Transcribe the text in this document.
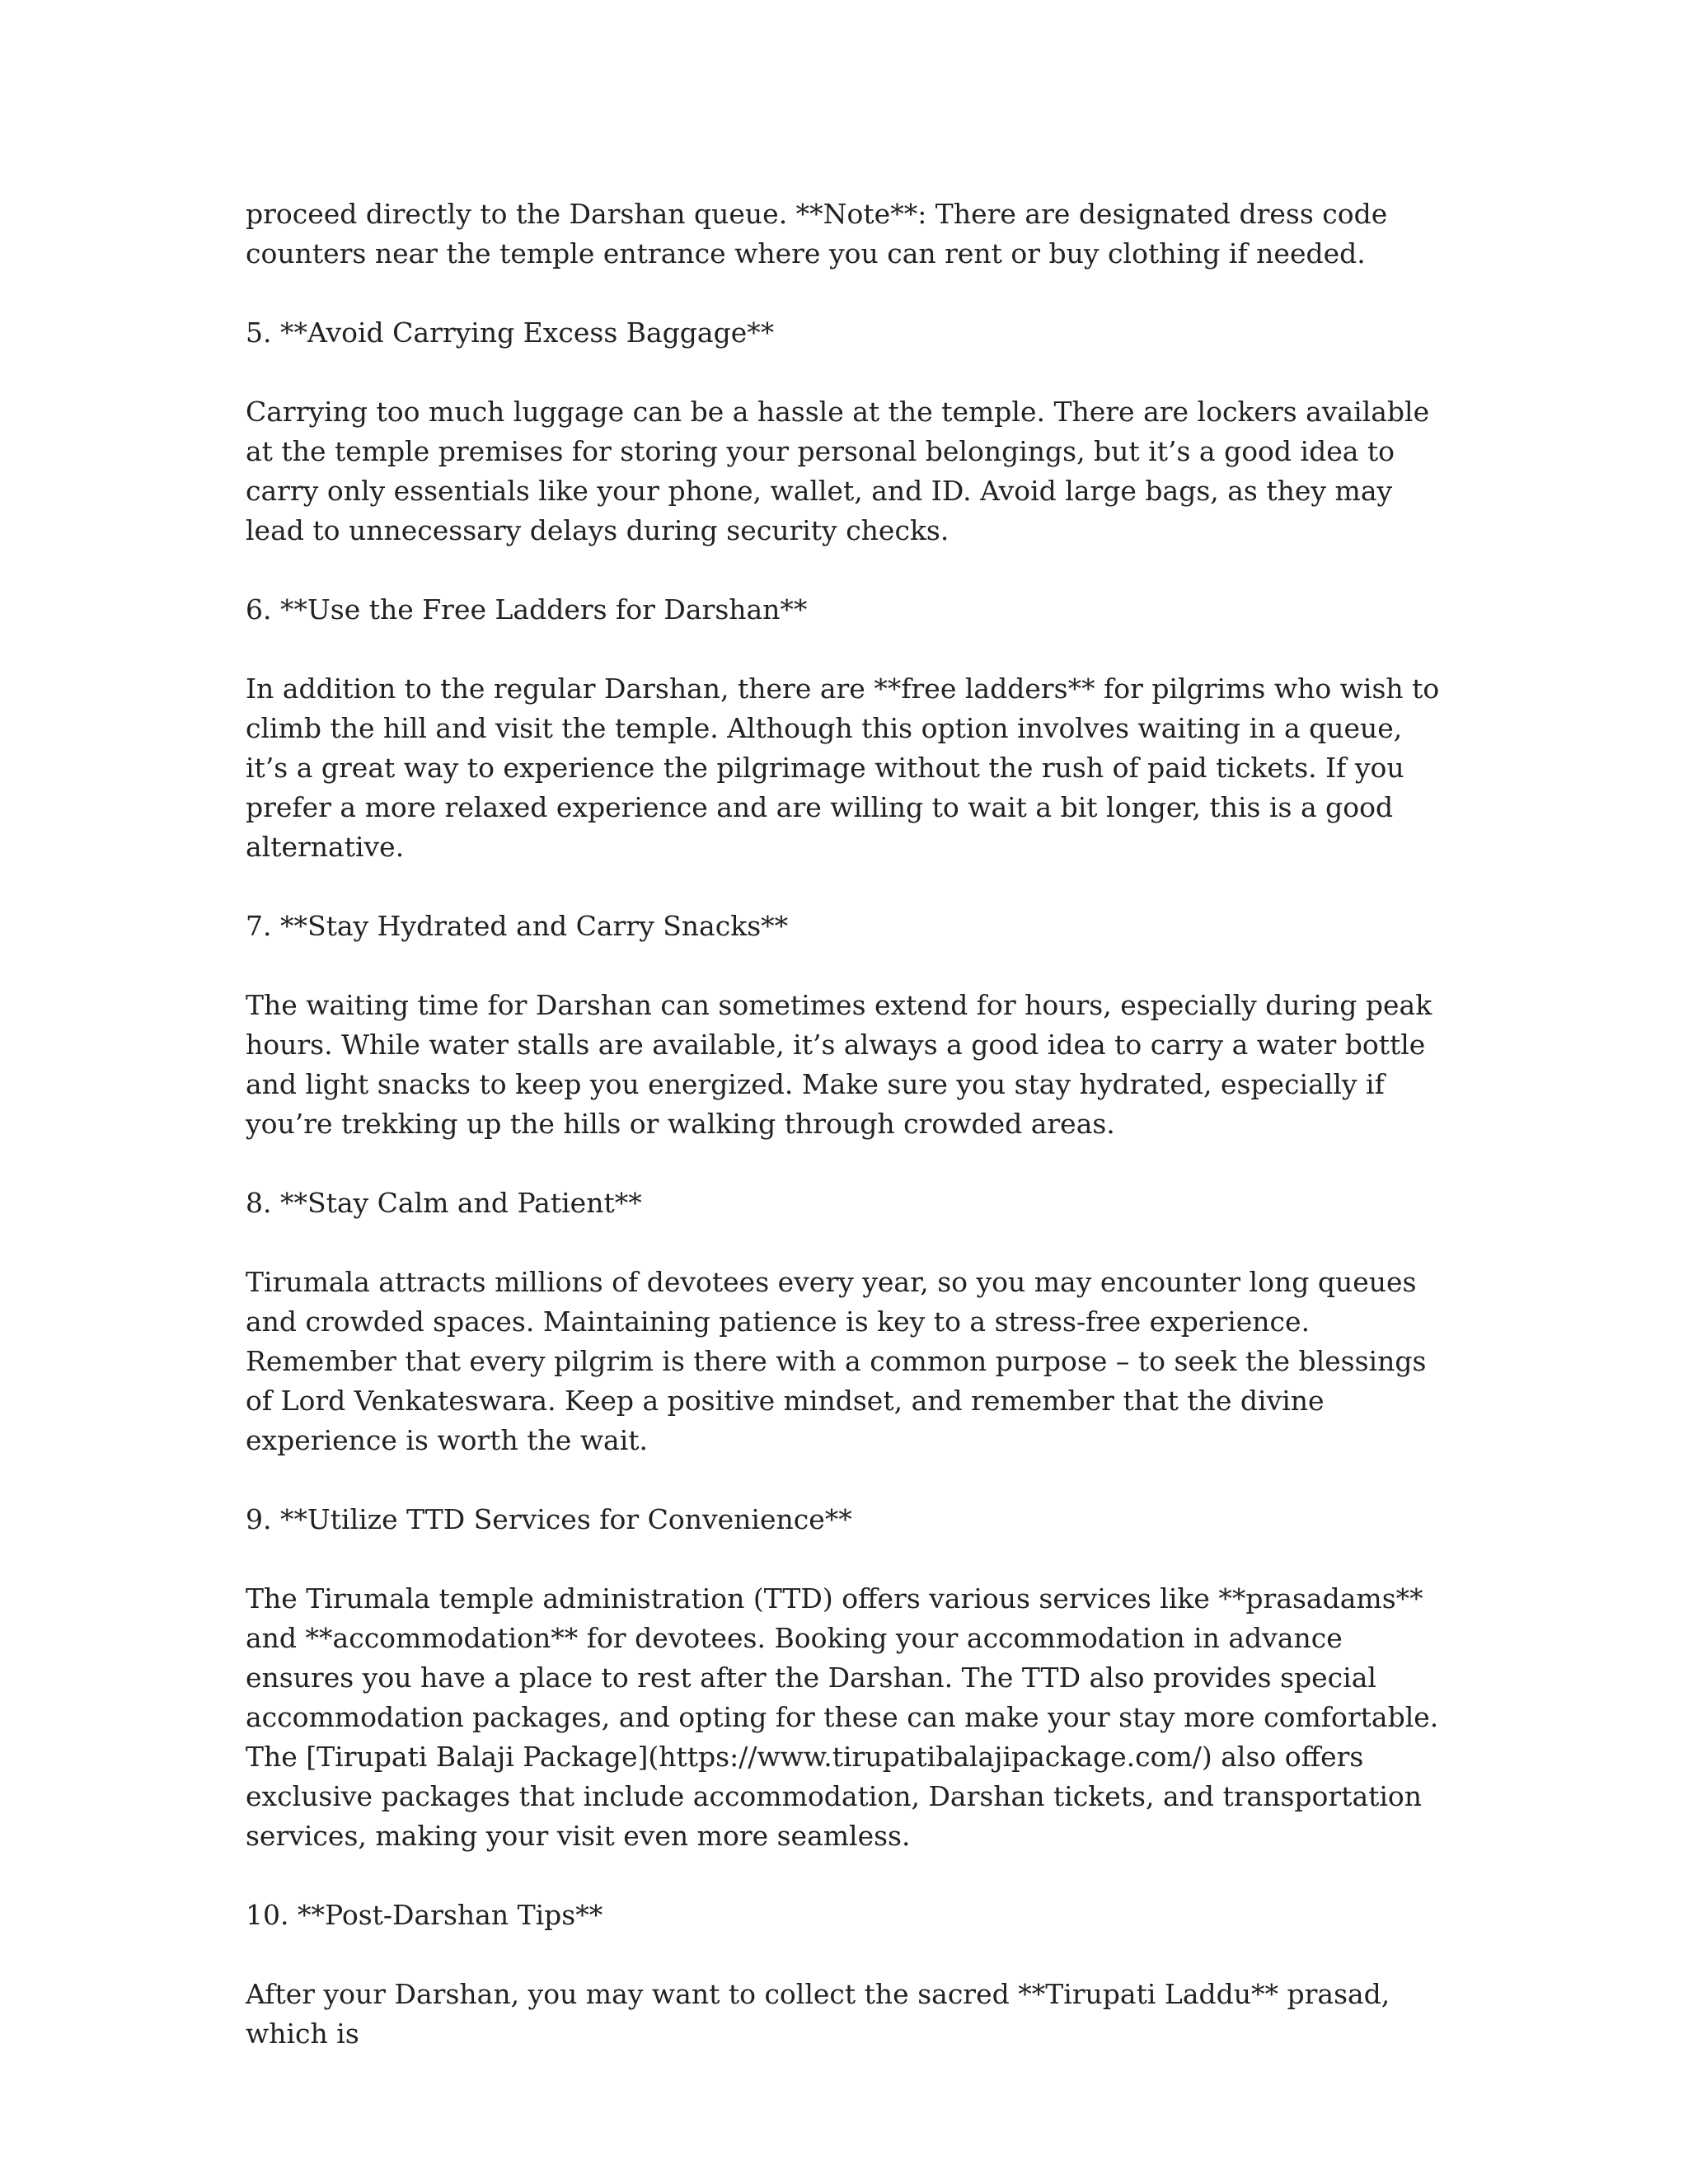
proceed directly to the Darshan queue. **Note**: There are designated dress code counters near the temple entrance where you can rent or buy clothing if needed.

5. **Avoid Carrying Excess Baggage**

Carrying too much luggage can be a hassle at the temple. There are lockers available at the temple premises for storing your personal belongings, but it’s a good idea to carry only essentials like your phone, wallet, and ID. Avoid large bags, as they may lead to unnecessary delays during security checks.

6. **Use the Free Ladders for Darshan**

In addition to the regular Darshan, there are **free ladders** for pilgrims who wish to climb the hill and visit the temple. Although this option involves waiting in a queue, it’s a great way to experience the pilgrimage without the rush of paid tickets. If you prefer a more relaxed experience and are willing to wait a bit longer, this is a good alternative.

7. **Stay Hydrated and Carry Snacks**

The waiting time for Darshan can sometimes extend for hours, especially during peak hours. While water stalls are available, it’s always a good idea to carry a water bottle and light snacks to keep you energized. Make sure you stay hydrated, especially if you’re trekking up the hills or walking through crowded areas.

8. **Stay Calm and Patient**

Tirumala attracts millions of devotees every year, so you may encounter long queues and crowded spaces. Maintaining patience is key to a stress-free experience. Remember that every pilgrim is there with a common purpose – to seek the blessings of Lord Venkateswara. Keep a positive mindset, and remember that the divine experience is worth the wait.

9. **Utilize TTD Services for Convenience**

The Tirumala temple administration (TTD) offers various services like **prasadams** and **accommodation** for devotees. Booking your accommodation in advance ensures you have a place to rest after the Darshan. The TTD also provides special accommodation packages, and opting for these can make your stay more comfortable. The [Tirupati Balaji Package](https://www.tirupatibalajipackage.com/) also offers exclusive packages that include accommodation, Darshan tickets, and transportation services, making your visit even more seamless.

10. **Post-Darshan Tips**

After your Darshan, you may want to collect the sacred **Tirupati Laddu** prasad, which is
